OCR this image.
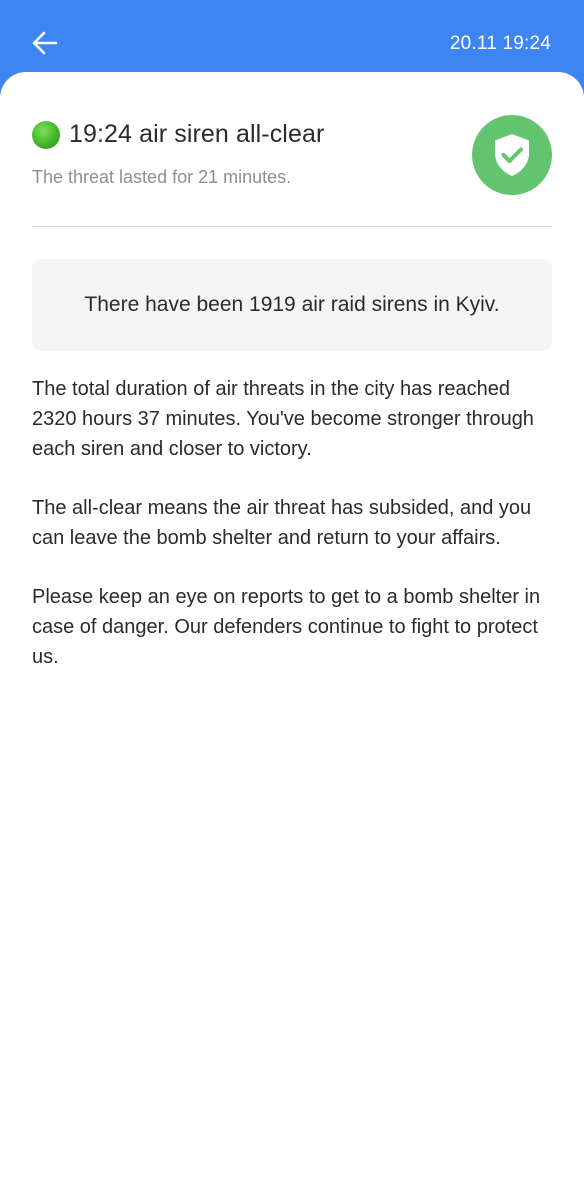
20.11 19:24
19:24 air siren all-clear
The threat lasted for 21 minutes.
There have been 1919 air raid sirens in Kyiv.

The total duration of air threats in the city has reached 2320 hours 37 minutes. You've become stronger through each siren and closer to victory.

The all-clear means the air threat has subsided, and you can leave the bomb shelter and return to your affairs.

Please keep an eye on reports to get to a bomb shelter in case of danger. Our defenders continue to fight to protect us.
